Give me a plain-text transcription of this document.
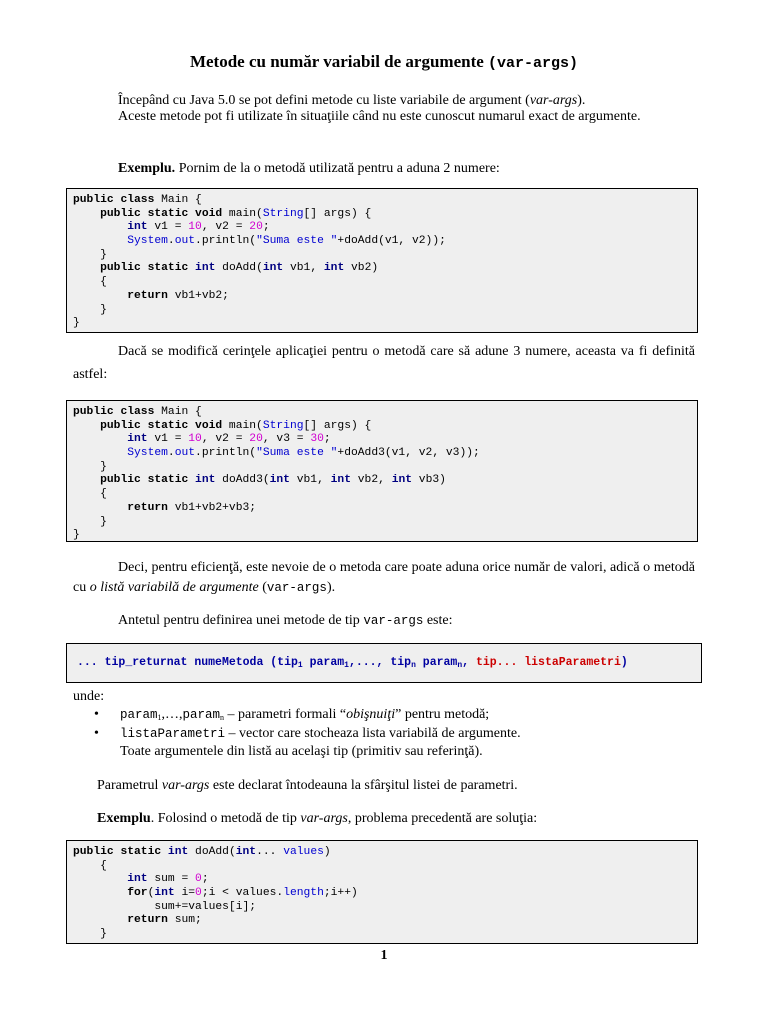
Metode cu număr variabil de argumente (var-args)
Începând cu Java 5.0 se pot defini metode cu liste variabile de argument (var-args).
Aceste metode pot fi utilizate în situaţiile când nu este cunoscut numarul exact de argumente.
Exemplu. Pornim de la o metodă utilizată pentru a aduna 2 numere:
public class Main {
public static void main(String[] args) {
int v1 = 10, v2 = 20;
System.out.println("Suma este "+doAdd(v1, v2));
}
public static int doAdd(int vb1, int vb2)
{
return vb1+vb2;
}
}
Dacă se modifică cerinţele aplicaţiei pentru o metodă care să adune 3 numere, aceasta va fi definită astfel:
public class Main {
public static void main(String[] args) {
int v1 = 10, v2 = 20, v3 = 30;
System.out.println("Suma este "+doAdd3(v1, v2, v3));
}
public static int doAdd3(int vb1, int vb2, int vb3)
{
return vb1+vb2+vb3;
}
}
Deci, pentru eficienţă, este nevoie de o metoda care poate aduna orice număr de valori, adică o metodă cu o listă variabilă de argumente (var-args).
Antetul pentru definirea unei metode de tip var-args este:
... tip_returnat numeMetoda (tip$_1$ param$_1$,..., tip$_n$ param$_n$, tip... listaParametri)
unde:
• param$_1$,…,param$_n$ – parametri formali “obişnuiţi” pentru metodă;
• listaParametri – vector care stocheaza lista variabilă de argumente.
Toate argumentele din listă au acelaşi tip (primitiv sau referinţă).
Parametrul var-args este declarat întodeauna la sfârşitul listei de parametri.
Exemplu. Folosind o metodă de tip var-args, problema precedentă are soluţia:
public static int doAdd(int... values)
{
int sum = 0;
for(int i=0;i < values.length;i++)
sum+=values[i];
return sum;
}
1
